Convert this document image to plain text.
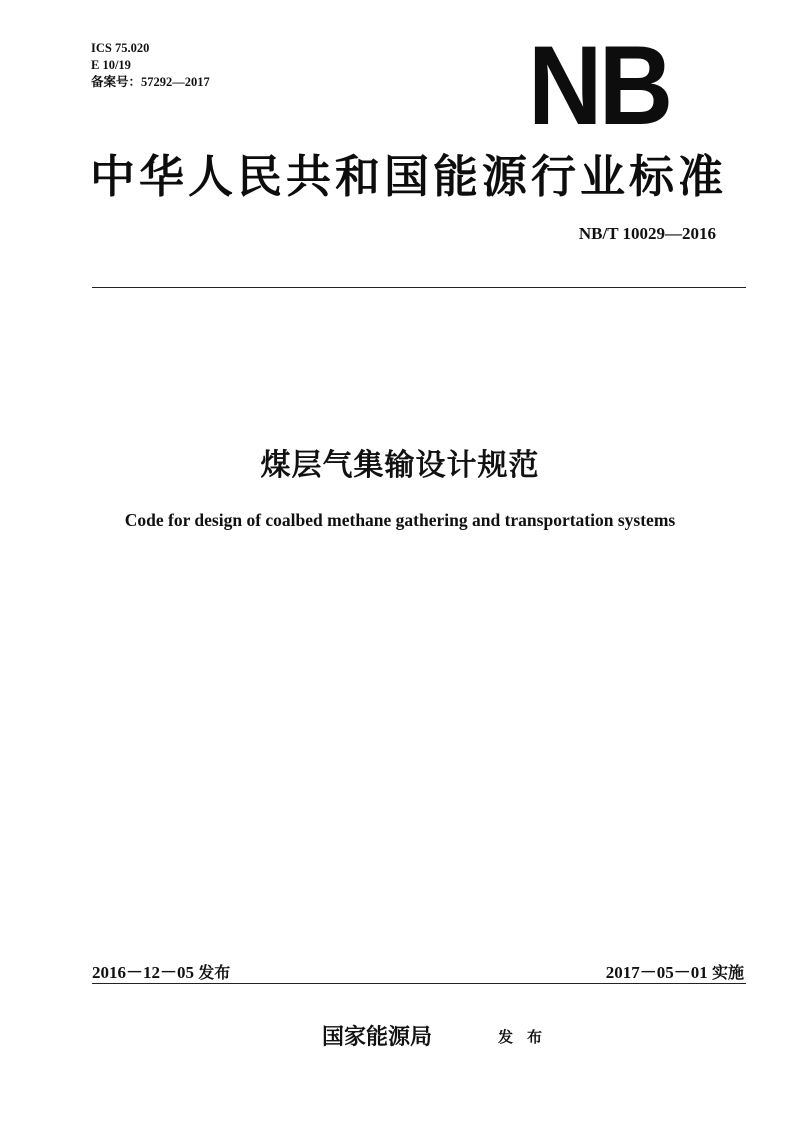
ICS 75.020
E 10/19
备案号：57292—2017	NB
中华人民共和国能源行业标准
NB/T 10029—2016
煤层气集输设计规范
Code for design of coalbed methane gathering and transportation systems
2016－12－05 发布	2017－05－01 实施
国家能源局	发布
